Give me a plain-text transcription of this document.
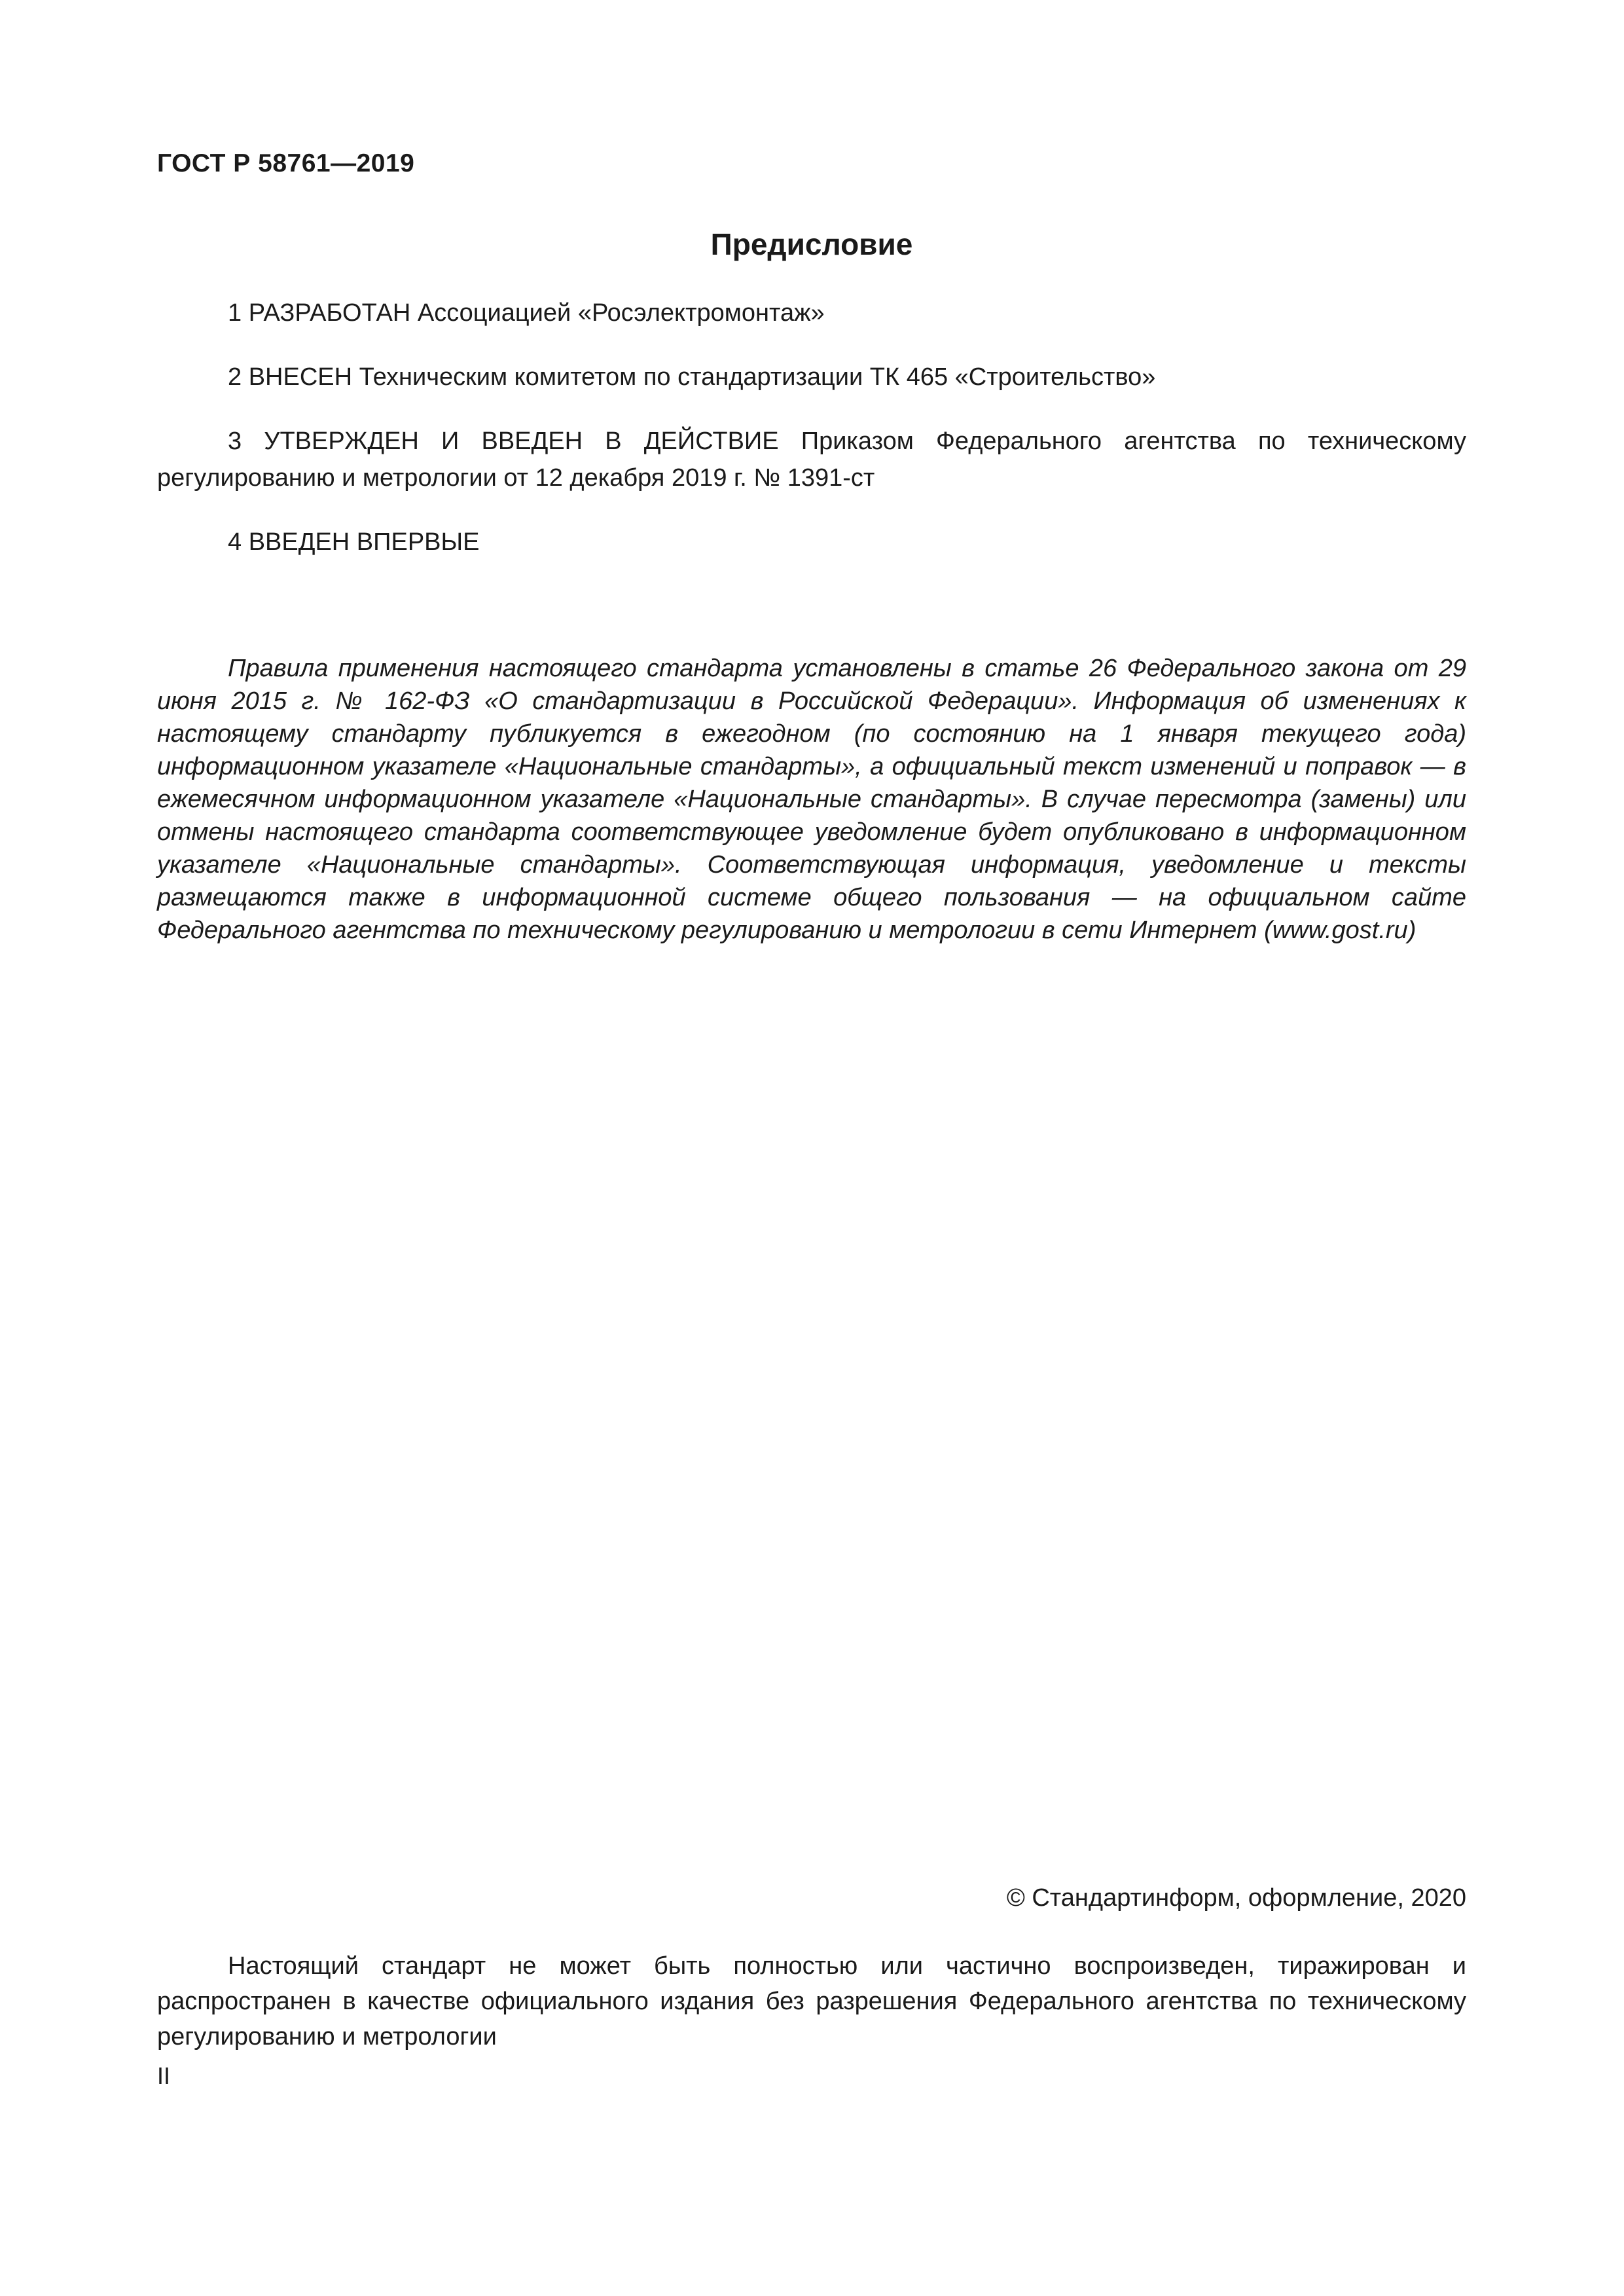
ГОСТ Р 58761—2019
Предисловие

1 РАЗРАБОТАН Ассоциацией «Росэлектромонтаж»

2 ВНЕСЕН Техническим комитетом по стандартизации ТК 465 «Строительство»

3 УТВЕРЖДЕН И ВВЕДЕН В ДЕЙСТВИЕ Приказом Федерального агентства по техническому регулированию и метрологии от 12 декабря 2019 г. № 1391-ст

4 ВВЕДЕН ВПЕРВЫЕ

Правила применения настоящего стандарта установлены в статье 26 Федерального закона от 29 июня 2015 г. № 162-ФЗ «О стандартизации в Российской Федерации». Информация об изменениях к настоящему стандарту публикуется в ежегодном (по состоянию на 1 января текущего года) информационном указателе «Национальные стандарты», а официальный текст изменений и поправок — в ежемесячном информационном указателе «Национальные стандарты». В случае пересмотра (замены) или отмены настоящего стандарта соответствующее уведомление будет опубликовано в информационном указателе «Национальные стандарты». Соответствующая информация, уведомление и тексты размещаются также в информационной системе общего пользования — на официальном сайте Федерального агентства по техническому регулированию и метрологии в сети Интернет (www.gost.ru)

© Стандартинформ, оформление, 2020

Настоящий стандарт не может быть полностью или частично воспроизведен, тиражирован и распространен в качестве официального издания без разрешения Федерального агентства по техническому регулированию и метрологии

II
